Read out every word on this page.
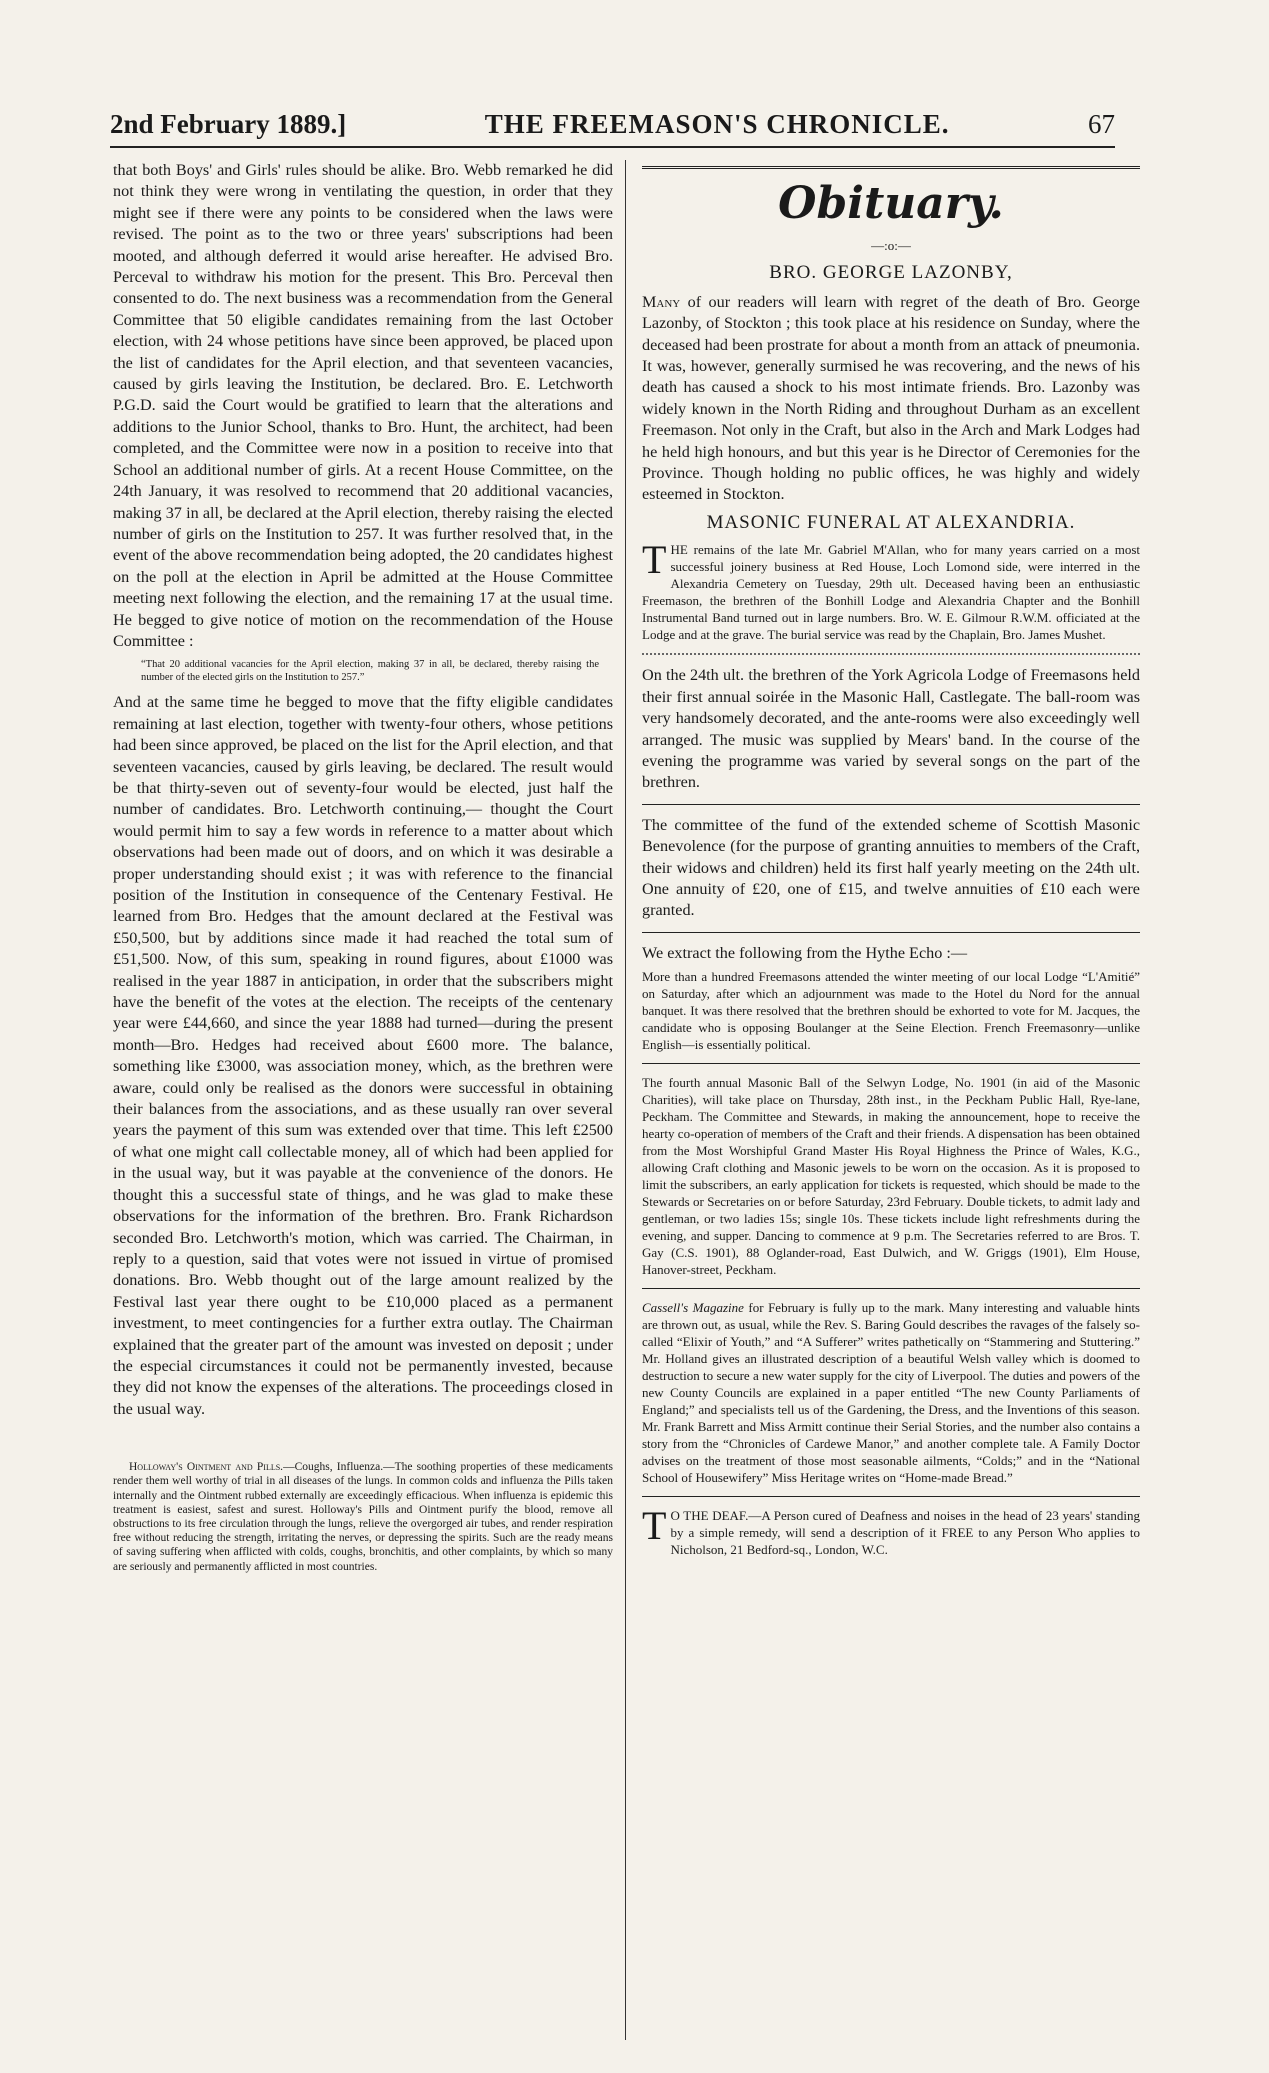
2nd February 1889.]	THE FREEMASON'S CHRONICLE.	67

that both Boys' and Girls' rules should be alike. Bro. Webb remarked he did not think they were wrong in ventilating the question, in order that they might see if there were any points to be considered when the laws were revised. The point as to the two or three years' subscriptions had been mooted, and although deferred it would arise hereafter. He advised Bro. Perceval to withdraw his motion for the present. This Bro. Perceval then consented to do. The next business was a recommendation from the General Committee that 50 eligible candidates remaining from the last October election, with 24 whose petitions have since been approved, be placed upon the list of candidates for the April election, and that seventeen vacancies, caused by girls leaving the Institution, be declared. Bro. E. Letchworth P.G.D. said the Court would be gratified to learn that the alterations and additions to the Junior School, thanks to Bro. Hunt, the architect, had been completed, and the Committee were now in a position to receive into that School an additional number of girls. At a recent House Committee, on the 24th January, it was resolved to recommend that 20 additional vacancies, making 37 in all, be declared at the April election, thereby raising the elected number of girls on the Institution to 257. It was further resolved that, in the event of the above recommendation being adopted, the 20 candidates highest on the poll at the election in April be admitted at the House Committee meeting next following the election, and the remaining 17 at the usual time. He begged to give notice of motion on the recommendation of the House Committee :

“That 20 additional vacancies for the April election, making 37 in all, be declared, thereby raising the number of the elected girls on the Institution to 257.”

And at the same time he begged to move that the fifty eligible candidates remaining at last election, together with twenty-four others, whose petitions had been since approved, be placed on the list for the April election, and that seventeen vacancies, caused by girls leaving, be declared. The result would be that thirty-seven out of seventy-four would be elected, just half the number of candidates. Bro. Letchworth continuing,— thought the Court would permit him to say a few words in reference to a matter about which observations had been made out of doors, and on which it was desirable a proper understanding should exist ; it was with reference to the financial position of the Institution in consequence of the Centenary Festival. He learned from Bro. Hedges that the amount declared at the Festival was £50,500, but by additions since made it had reached the total sum of £51,500. Now, of this sum, speaking in round figures, about £1000 was realised in the year 1887 in anticipation, in order that the subscribers might have the benefit of the votes at the election. The receipts of the centenary year were £44,660, and since the year 1888 had turned—during the present month—Bro. Hedges had received about £600 more. The balance, something like £3000, was association money, which, as the brethren were aware, could only be realised as the donors were successful in obtaining their balances from the associations, and as these usually ran over several years the payment of this sum was extended over that time. This left £2500 of what one might call collectable money, all of which had been applied for in the usual way, but it was payable at the convenience of the donors. He thought this a successful state of things, and he was glad to make these observations for the information of the brethren. Bro. Frank Richardson seconded Bro. Letchworth's motion, which was carried. The Chairman, in reply to a question, said that votes were not issued in virtue of promised donations. Bro. Webb thought out of the large amount realized by the Festival last year there ought to be £10,000 placed as a permanent investment, to meet contingencies for a further extra outlay. The Chairman explained that the greater part of the amount was invested on deposit ; under the especial circumstances it could not be permanently invested, because they did not know the expenses of the alterations. The proceedings closed in the usual way.

Holloway's Ointment and Pills.—Coughs, Influenza.—The soothing properties of these medicaments render them well worthy of trial in all diseases of the lungs. In common colds and influenza the Pills taken internally and the Ointment rubbed externally are exceedingly efficacious. When influenza is epidemic this treatment is easiest, safest and surest. Holloway's Pills and Ointment purify the blood, remove all obstructions to its free circulation through the lungs, relieve the overgorged air tubes, and render respiration free without reducing the strength, irritating the nerves, or depressing the spirits. Such are the ready means of saving suffering when afflicted with colds, coughs, bronchitis, and other complaints, by which so many are seriously and permanently afflicted in most countries.

Obituary.
—:o:—
BRO. GEORGE LAZONBY,

Many of our readers will learn with regret of the death of Bro. George Lazonby, of Stockton ; this took place at his residence on Sunday, where the deceased had been prostrate for about a month from an attack of pneumonia. It was, however, generally surmised he was recovering, and the news of his death has caused a shock to his most intimate friends. Bro. Lazonby was widely known in the North Riding and throughout Durham as an excellent Freemason. Not only in the Craft, but also in the Arch and Mark Lodges had he held high honours, and but this year is he Director of Ceremonies for the Province. Though holding no public offices, he was highly and widely esteemed in Stockton.

MASONIC FUNERAL AT ALEXANDRIA.

THE remains of the late Mr. Gabriel M'Allan, who for many years carried on a most successful joinery business at Red House, Loch Lomond side, were interred in the Alexandria Cemetery on Tuesday, 29th ult. Deceased having been an enthusiastic Freemason, the brethren of the Bonhill Lodge and Alexandria Chapter and the Bonhill Instrumental Band turned out in large numbers. Bro. W. E. Gilmour R.W.M. officiated at the Lodge and at the grave. The burial service was read by the Chaplain, Bro. James Mushet.

On the 24th ult. the brethren of the York Agricola Lodge of Freemasons held their first annual soirée in the Masonic Hall, Castlegate. The ball-room was very handsomely decorated, and the ante-rooms were also exceedingly well arranged. The music was supplied by Mears' band. In the course of the evening the programme was varied by several songs on the part of the brethren.

The committee of the fund of the extended scheme of Scottish Masonic Benevolence (for the purpose of granting annuities to members of the Craft, their widows and children) held its first half yearly meeting on the 24th ult. One annuity of £20, one of £15, and twelve annuities of £10 each were granted.

We extract the following from the Hythe Echo :—

More than a hundred Freemasons attended the winter meeting of our local Lodge “L'Amitié” on Saturday, after which an adjournment was made to the Hotel du Nord for the annual banquet. It was there resolved that the brethren should be exhorted to vote for M. Jacques, the candidate who is opposing Boulanger at the Seine Election. French Freemasonry—unlike English—is essentially political.

The fourth annual Masonic Ball of the Selwyn Lodge, No. 1901 (in aid of the Masonic Charities), will take place on Thursday, 28th inst., in the Peckham Public Hall, Rye-lane, Peckham. The Committee and Stewards, in making the announcement, hope to receive the hearty co-operation of members of the Craft and their friends. A dispensation has been obtained from the Most Worshipful Grand Master His Royal Highness the Prince of Wales, K.G., allowing Craft clothing and Masonic jewels to be worn on the occasion. As it is proposed to limit the subscribers, an early application for tickets is requested, which should be made to the Stewards or Secretaries on or before Saturday, 23rd February. Double tickets, to admit lady and gentleman, or two ladies 15s; single 10s. These tickets include light refreshments during the evening, and supper. Dancing to commence at 9 p.m. The Secretaries referred to are Bros. T. Gay (C.S. 1901), 88 Oglander-road, East Dulwich, and W. Griggs (1901), Elm House, Hanover-street, Peckham.

Cassell's Magazine for February is fully up to the mark. Many interesting and valuable hints are thrown out, as usual, while the Rev. S. Baring Gould describes the ravages of the falsely so-called “Elixir of Youth,” and “A Sufferer” writes pathetically on “Stammering and Stuttering.” Mr. Holland gives an illustrated description of a beautiful Welsh valley which is doomed to destruction to secure a new water supply for the city of Liverpool. The duties and powers of the new County Councils are explained in a paper entitled “The new County Parliaments of England;” and specialists tell us of the Gardening, the Dress, and the Inventions of this season. Mr. Frank Barrett and Miss Armitt continue their Serial Stories, and the number also contains a story from the “Chronicles of Cardewe Manor,” and another complete tale. A Family Doctor advises on the treatment of those most seasonable ailments, “Colds;” and in the “National School of Housewifery” Miss Heritage writes on “Home-made Bread.”

T O THE DEAF.—A Person cured of Deafness and noises in the head of 23 years' standing by a simple remedy, will send a description of it FREE to any Person Who applies to Nicholson, 21 Bedford-sq., London, W.C.
